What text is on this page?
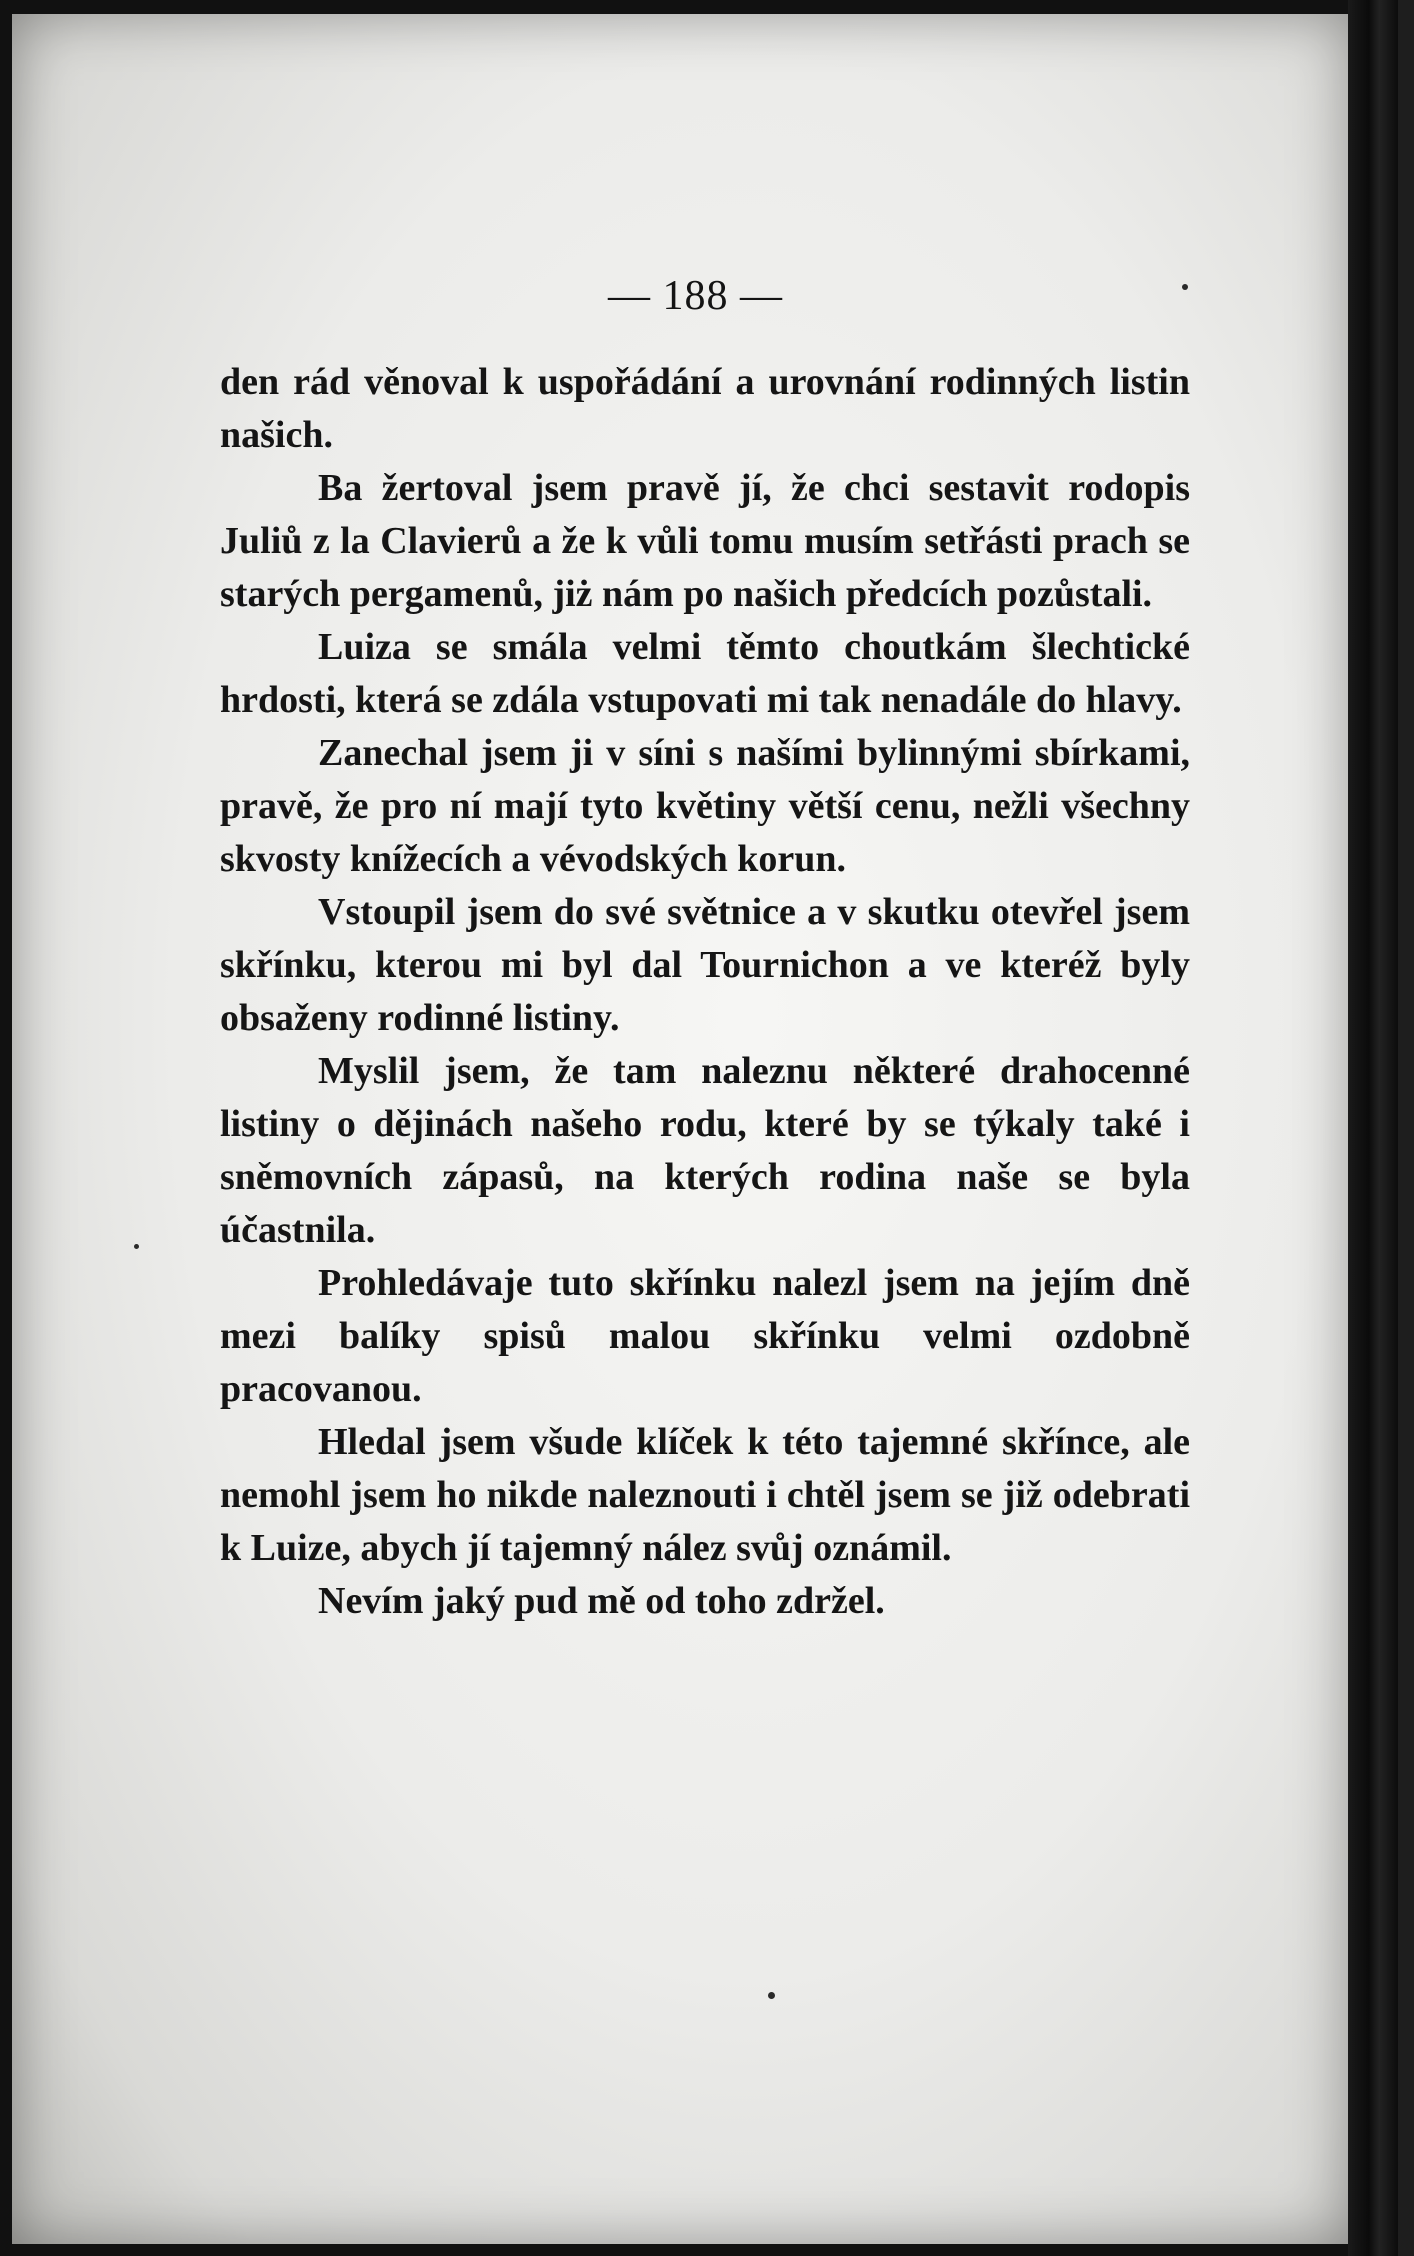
— 188 —

den rád věnoval k uspořádání a urovnání rodinných listin našich.

Ba žertoval jsem pravě jí, že chci sestavit rodopis Juliů z la Clavierů a že k vůli tomu musím setřásti prach se starých pergamenů, jiż nám po našich předcích pozůstali.

Luiza se smála velmi těmto choutkám šlechtické hrdosti, která se zdála vstupovati mi tak nenadále do hlavy.

Zanechal jsem ji v síni s našími bylinnými sbírkami, pravě, že pro ní mají tyto květiny větší cenu, nežli všechny skvosty knížecích a vévodských korun.

Vstoupil jsem do své světnice a v skutku otevřel jsem skřínku, kterou mi byl dal Tournichon a ve kteréž byly obsaženy rodinné listiny.

Myslil jsem, že tam naleznu některé drahocenné listiny o dějinách našeho rodu, které by se týkaly také i sněmovních zápasů, na kterých rodina naše se byla účastnila.

Prohledávaje tuto skřínku nalezl jsem na jejím dně mezi balíky spisů malou skřínku velmi ozdobně pracovanou.

Hledal jsem všude klíček k této tajemné skřínce, ale nemohl jsem ho nikde naleznouti i chtěl jsem se již odebrati k Luize, abych jí tajemný nález svůj oznámil.

Nevím jaký pud mě od toho zdržel.
